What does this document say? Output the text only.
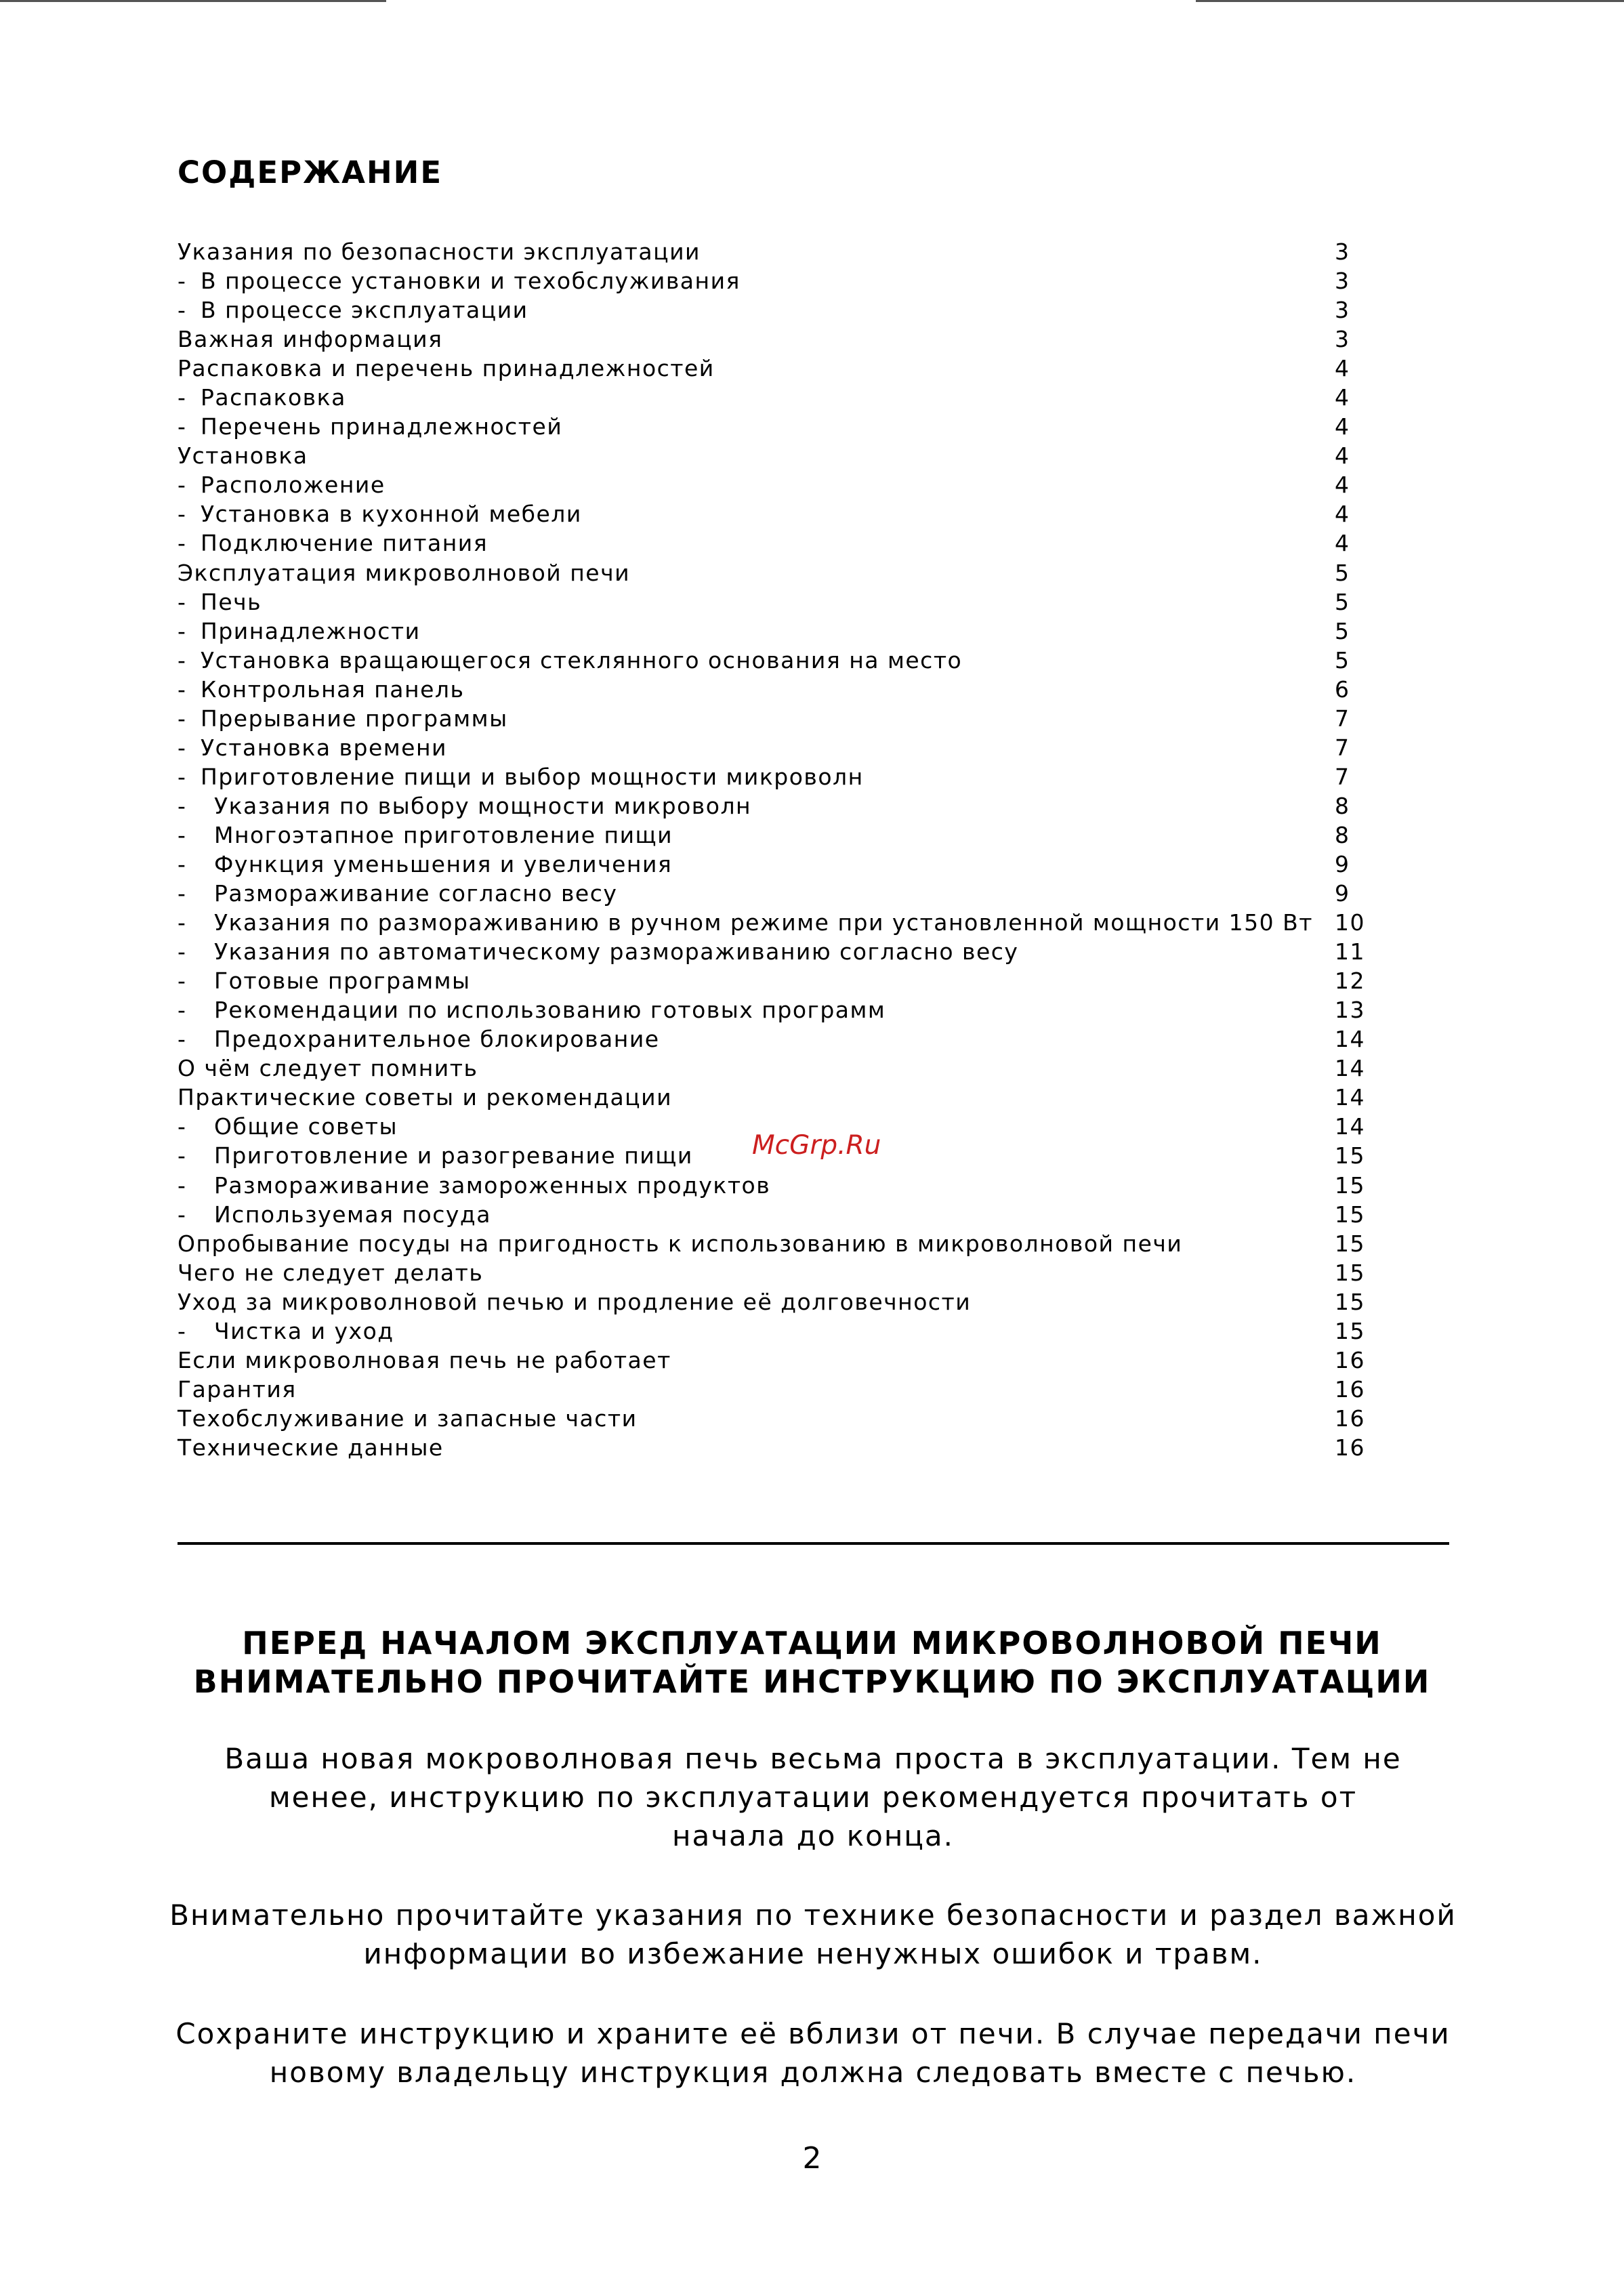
СОДЕРЖАНИЕ
Указания по безопасности эксплуатации	3
- В процессе установки и техобслуживания	3
- В процессе эксплуатации	3
Важная информация	3
Распаковка и перечень принадлежностей	4
- Распаковка	4
- Перечень принадлежностей	4
Установка	4
- Расположение	4
- Установка в кухонной мебели	4
- Подключение питания	4
Эксплуатация микроволновой печи	5
- Печь	5
- Принадлежности	5
- Установка вращающегося стеклянного основания на место	5
- Контрольная панель	6
- Прерывание программы	7
- Установка времени	7
- Приготовление пищи и выбор мощности микроволн	7
- Указания по выбору мощности микроволн	8
- Многоэтапное приготовление пищи	8
- Функция уменьшения и увеличения	9
- Размораживание согласно весу	9
- Указания по размораживанию в ручном режиме при установленной мощности 150 Вт 10
- Указания по автоматическому размораживанию согласно весу	11
- Готовые программы	12
- Рекомендации по использованию готовых программ	13
- Предохранительное блокирование	14
О чём следует помнить	14
Практические советы и рекомендации	14
- Общие советы	14
- Приготовление и разогревание пищи	15
- Размораживание замороженных продуктов	15
- Используемая посуда	15
Опробывание посуды на пригодность к использованию в микроволновой печи	15
Чего не следует делать	15
Уход за микроволновой печью и продление её долговечности	15
- Чистка и уход	15
Если микроволновая печь не работает	16
Гарантия	16
Техобслуживание и запасные части	16
Технические данные	16
McGrp.Ru
ПЕРЕД НАЧАЛОМ ЭКСПЛУАТАЦИИ МИКРОВОЛНОВОЙ ПЕЧИ
ВНИМАТЕЛЬНО ПРОЧИТАЙТЕ ИНСТРУКЦИЮ ПО ЭКСПЛУАТАЦИИ
Ваша новая мокроволновая печь весьма проста в эксплуатации. Тем не
менее, инструкцию по эксплуатации рекомендуется прочитать от
начала до конца.
Внимательно прочитайте указания по технике безопасности и раздел важной
информации во избежание ненужных ошибок и травм.
Сохраните инструкцию и храните её вблизи от печи. В случае передачи печи
новому владельцу инструкция должна следовать вместе с печью.
2
